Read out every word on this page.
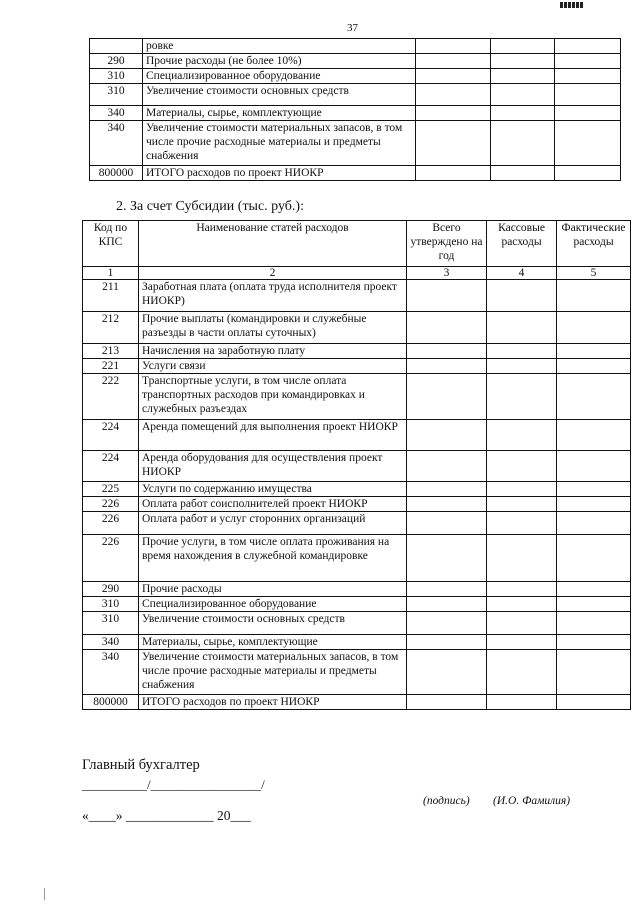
37
	ровке			
290	Прочие расходы (не более 10%)			
310	Специализированное оборудование			
310	Увеличение стоимости основных средств			
340	Материалы, сырье, комплектующие			
340	Увеличение стоимости материальных запасов, в том числе прочие расходные материалы и предметы снабжения			
800000	ИТОГО расходов по проект НИОКР			
2. За счет Субсидии (тыс. руб.):
Код по КПС	Наименование статей расходов	Всего утверждено на год	Кассовые расходы	Фактические расходы
1	2	3	4	5
211	Заработная плата (оплата труда исполнителя проект НИОКР)			
212	Прочие выплаты (командировки и служебные разъезды в части оплаты суточных)			
213	Начисления на заработную плату			
221	Услуги связи			
222	Транспортные услуги, в том числе оплата транспортных расходов при командировках и служебных разъездах			
224	Аренда помещений для выполнения проект НИОКР			
224	Аренда оборудования для осуществления проект НИОКР			
225	Услуги по содержанию имущества			
226	Оплата работ соисполнителей проект НИОКР			
226	Оплата работ и услуг сторонних организаций			
226	Прочие услуги, в том числе оплата проживания на время нахождения в служебной командировке			
290	Прочие расходы			
310	Специализированное оборудование			
310	Увеличение стоимости основных средств			
340	Материалы, сырье, комплектующие			
340	Увеличение стоимости материальных запасов, в том числе прочие расходные материалы и предметы снабжения			
800000	ИТОГО расходов по проект НИОКР			
Главный бухгалтер
__________/_________________/
(подпись) (И.О. Фамилия)
«____» _____________ 20___
